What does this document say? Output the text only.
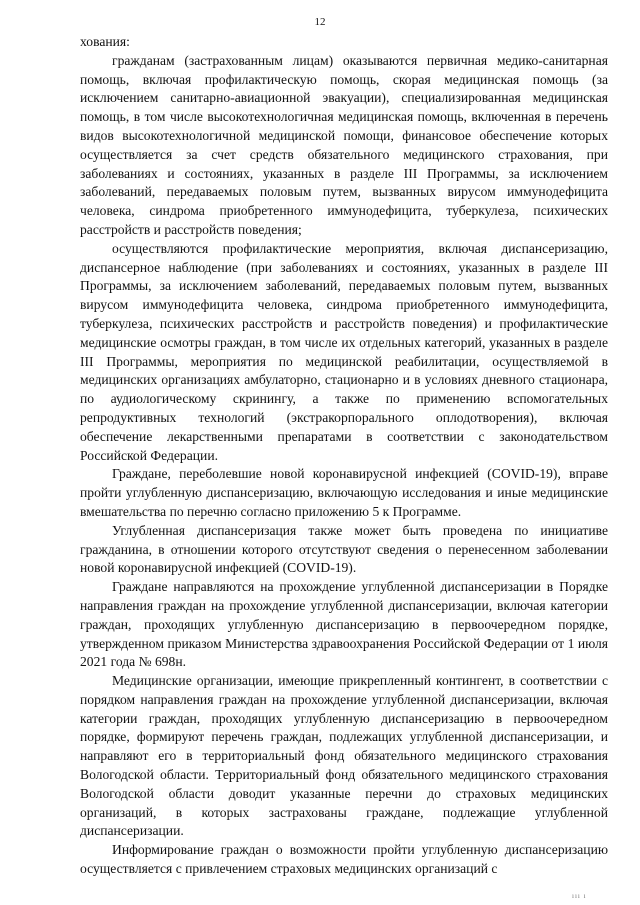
12

хования:

гражданам (застрахованным лицам) оказываются первичная медико-санитарная помощь, включая профилактическую помощь, скорая медицинская помощь (за исключением санитарно-авиационной эвакуации), специализированная медицинская помощь, в том числе высокотехнологичная медицинская помощь, включенная в перечень видов высокотехнологичной медицинской помощи, финансовое обеспечение которых осуществляется за счет средств обязательного медицинского страхования, при заболеваниях и состояниях, указанных в разделе III Программы, за исключением заболеваний, передаваемых половым путем, вызванных вирусом иммунодефицита человека, синдрома приобретенного иммунодефицита, туберкулеза, психических расстройств и расстройств поведения;

осуществляются профилактические мероприятия, включая диспансеризацию, диспансерное наблюдение (при заболеваниях и состояниях, указанных в разделе III Программы, за исключением заболеваний, передаваемых половым путем, вызванных вирусом иммунодефицита человека, синдрома приобретенного иммунодефицита, туберкулеза, психических расстройств и расстройств поведения) и профилактические медицинские осмотры граждан, в том числе их отдельных категорий, указанных в разделе III Программы, мероприятия по медицинской реабилитации, осуществляемой в медицинских организациях амбулаторно, стационарно и в условиях дневного стационара, по аудиологическому скринингу, а также по применению вспомогательных репродуктивных технологий (экстракорпорального оплодотворения), включая обеспечение лекарственными препаратами в соответствии с законодательством Российской Федерации.

Граждане, переболевшие новой коронавирусной инфекцией (COVID-19), вправе пройти углубленную диспансеризацию, включающую исследования и иные медицинские вмешательства по перечню согласно приложению 5 к Программе.

Углубленная диспансеризация также может быть проведена по инициативе гражданина, в отношении которого отсутствуют сведения о перенесенном заболевании новой коронавирусной инфекцией (COVID-19).

Граждане направляются на прохождение углубленной диспансеризации в Порядке направления граждан на прохождение углубленной диспансеризации, включая категории граждан, проходящих углубленную диспансеризацию в первоочередном порядке, утвержденном приказом Министерства здравоохранения Российской Федерации от 1 июля 2021 года № 698н.

Медицинские организации, имеющие прикрепленный контингент, в соответствии с порядком направления граждан на прохождение углубленной диспансеризации, включая категории граждан, проходящих углубленную диспансеризацию в первоочередном порядке, формируют перечень граждан, подлежащих углубленной диспансеризации, и направляют его в территориальный фонд обязательного медицинского страхования Вологодской области. Территориальный фонд обязательного медицинского страхования Вологодской области доводит указанные перечни до страховых медицинских организаций, в которых застрахованы граждане, подлежащие углубленной диспансеризации.

Информирование граждан о возможности пройти углубленную диспансеризацию осуществляется с привлечением страховых медицинских организаций с

ııı ı
